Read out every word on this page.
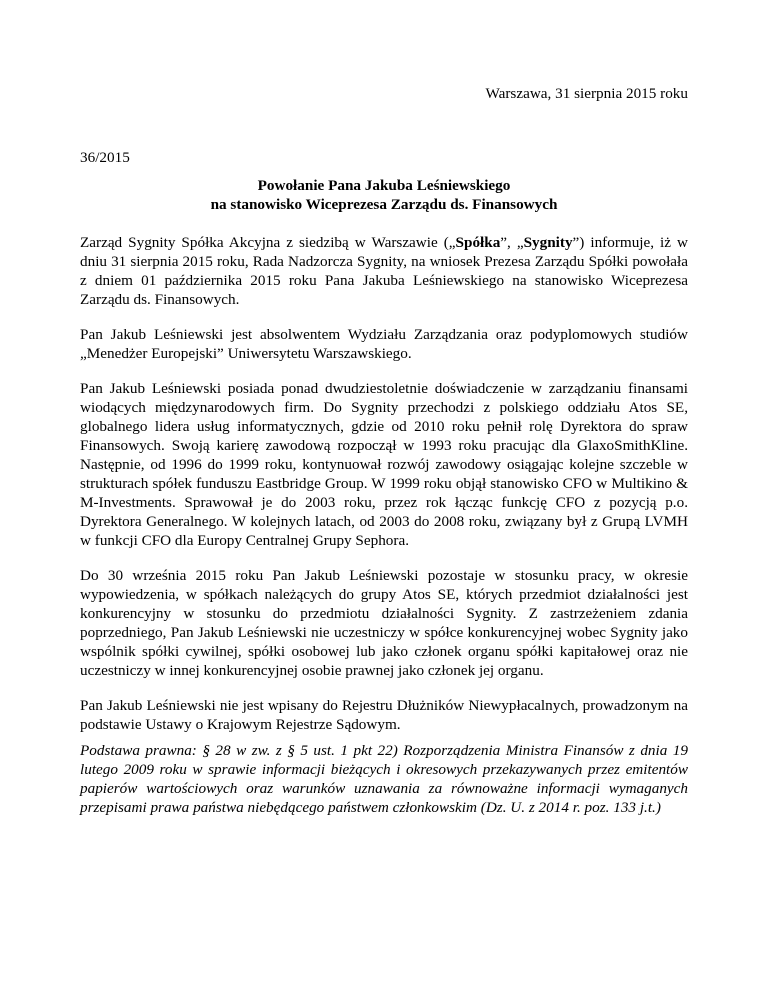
Warszawa, 31 sierpnia 2015 roku
36/2015
Powołanie Pana Jakuba Leśniewskiego
na stanowisko Wiceprezesa Zarządu ds. Finansowych

Zarząd Sygnity Spółka Akcyjna z siedzibą w Warszawie („Spółka”, „Sygnity”) informuje, iż w dniu 31 sierpnia 2015 roku, Rada Nadzorcza Sygnity, na wniosek Prezesa Zarządu Spółki powołała z dniem 01 października 2015 roku Pana Jakuba Leśniewskiego na stanowisko Wiceprezesa Zarządu ds. Finansowych.

Pan Jakub Leśniewski jest absolwentem Wydziału Zarządzania oraz podyplomowych studiów „Menedżer Europejski” Uniwersytetu Warszawskiego.

Pan Jakub Leśniewski posiada ponad dwudziestoletnie doświadczenie w zarządzaniu finansami wiodących międzynarodowych firm. Do Sygnity przechodzi z polskiego oddziału Atos SE, globalnego lidera usług informatycznych, gdzie od 2010 roku pełnił rolę Dyrektora do spraw Finansowych. Swoją karierę zawodową rozpoczął w 1993 roku pracując dla GlaxoSmithKline. Następnie, od 1996 do 1999 roku, kontynuował rozwój zawodowy osiągając kolejne szczeble w strukturach spółek funduszu Eastbridge Group. W 1999 roku objął stanowisko CFO w Multikino & M-Investments. Sprawował je do 2003 roku, przez rok łącząc funkcję CFO z pozycją p.o. Dyrektora Generalnego. W kolejnych latach, od 2003 do 2008 roku, związany był z Grupą LVMH w funkcji CFO dla Europy Centralnej Grupy Sephora.

Do 30 września 2015 roku Pan Jakub Leśniewski pozostaje w stosunku pracy, w okresie wypowiedzenia, w spółkach należących do grupy Atos SE, których przedmiot działalności jest konkurencyjny w stosunku do przedmiotu działalności Sygnity. Z zastrzeżeniem zdania poprzedniego, Pan Jakub Leśniewski nie uczestniczy w spółce konkurencyjnej wobec Sygnity jako wspólnik spółki cywilnej, spółki osobowej lub jako członek organu spółki kapitałowej oraz nie uczestniczy w innej konkurencyjnej osobie prawnej jako członek jej organu.

Pan Jakub Leśniewski nie jest wpisany do Rejestru Dłużników Niewypłacalnych, prowadzonym na podstawie Ustawy o Krajowym Rejestrze Sądowym.

Podstawa prawna: § 28 w zw. z § 5 ust. 1 pkt 22) Rozporządzenia Ministra Finansów z dnia 19 lutego 2009 roku w sprawie informacji bieżących i okresowych przekazywanych przez emitentów papierów wartościowych oraz warunków uznawania za równoważne informacji wymaganych przepisami prawa państwa niebędącego państwem członkowskim (Dz. U. z 2014 r. poz. 133 j.t.)
